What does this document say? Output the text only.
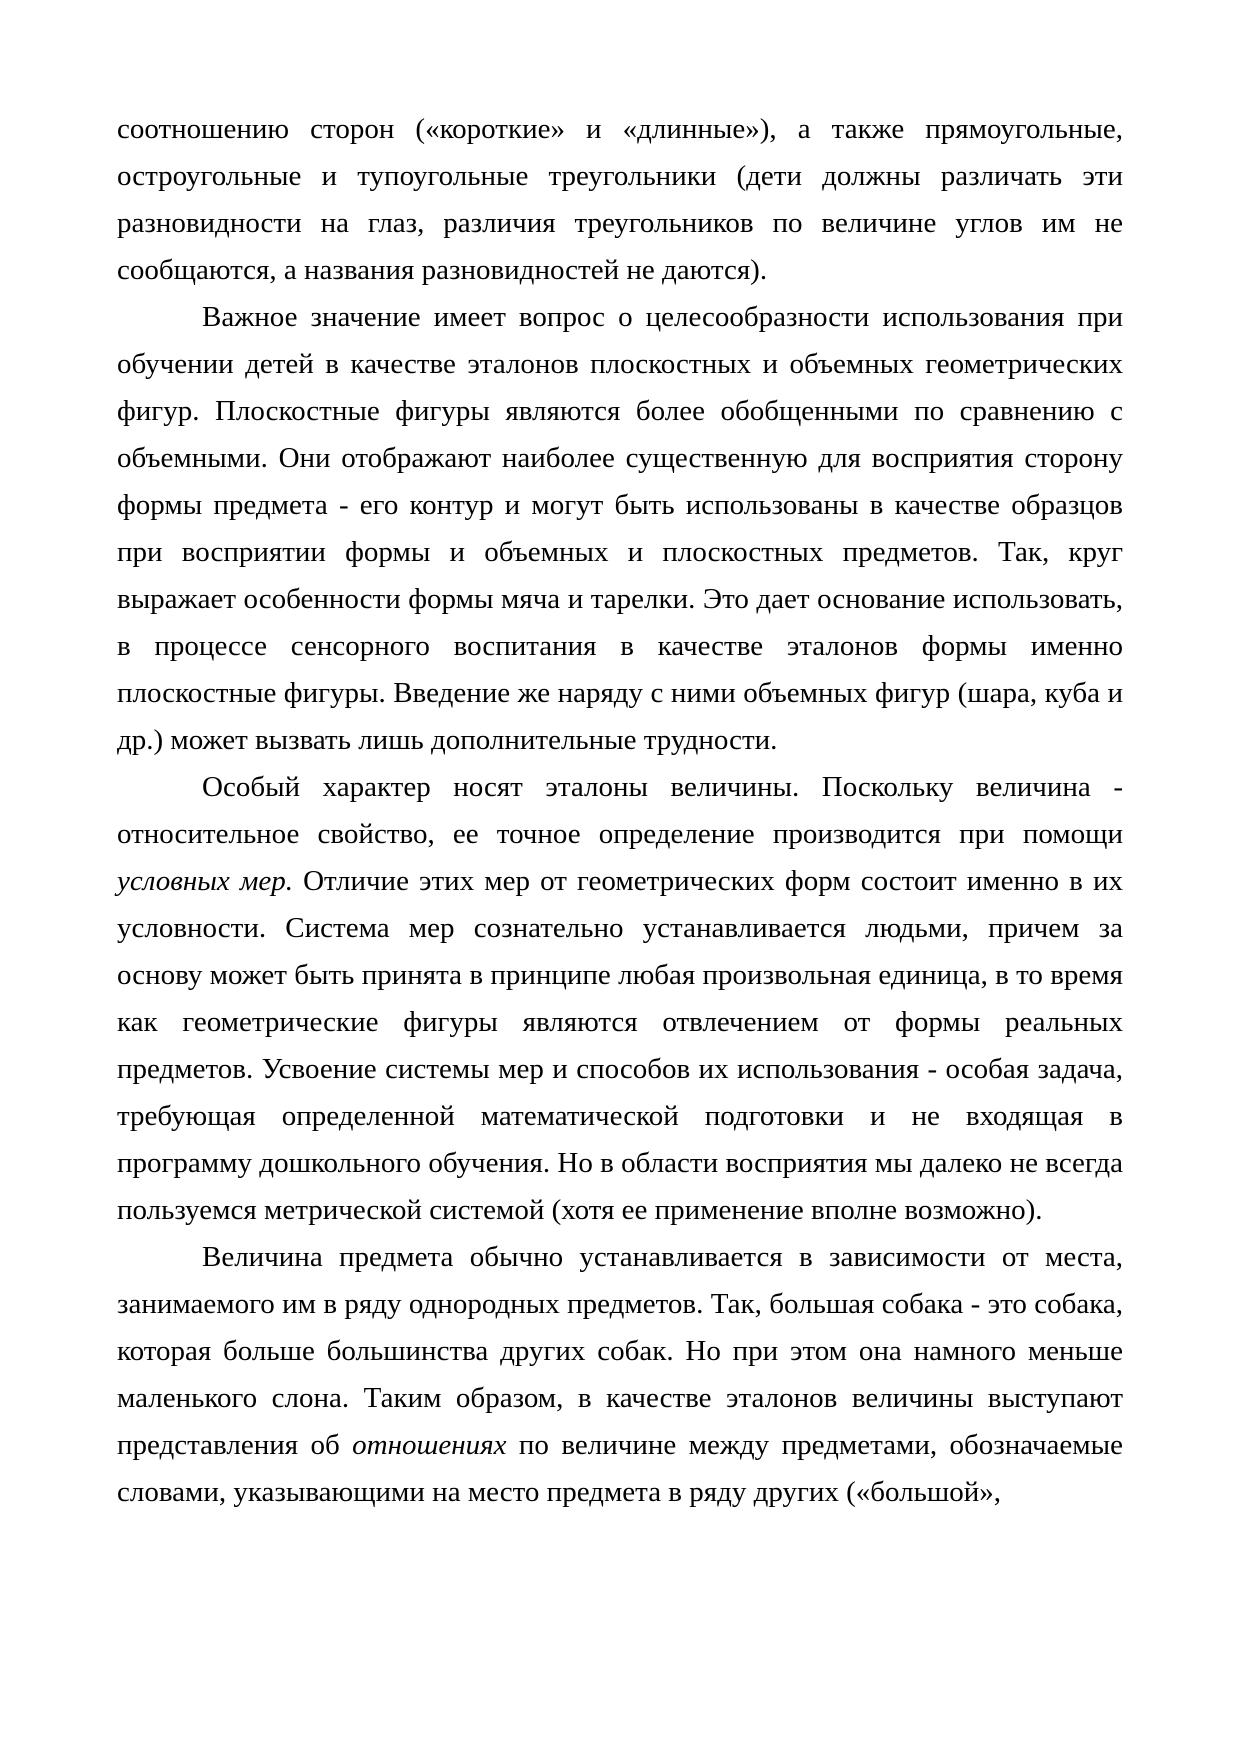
соотношению сторон («короткие» и «длинные»), а также прямоугольные, остроугольные и тупоугольные треугольники (дети должны различать эти разновидности на глаз, различия треугольников по величине углов им не сообщаются, а названия разновидностей не даются).

Важное значение имеет вопрос о целесообразности использования при обучении детей в качестве эталонов плоскостных и объемных геометрических фигур. Плоскостные фигуры являются более обобщенными по сравнению с объемными. Они отображают наиболее существенную для восприятия сторону формы предмета - его контур и могут быть использованы в качестве образцов при восприятии формы и объемных и плоскостных предметов. Так, круг выражает особенности формы мяча и тарелки. Это дает основание использовать, в процессе сенсорного воспитания в качестве эталонов формы именно плоскостные фигуры. Введение же наряду с ними объемных фигур (шара, куба и др.) может вызвать лишь дополнительные трудности.

Особый характер носят эталоны величины. Поскольку величина - относительное свойство, ее точное определение производится при помощи условных мер. Отличие этих мер от геометрических форм состоит именно в их условности. Система мер сознательно устанавливается людьми, причем за основу может быть принята в принципе любая произвольная единица, в то время как геометрические фигуры являются отвлечением от формы реальных предметов. Усвоение системы мер и способов их использования - особая задача, требующая определенной математической подготовки и не входящая в программу дошкольного обучения. Но в области восприятия мы далеко не всегда пользуемся метрической системой (хотя ее применение вполне возможно).

Величина предмета обычно устанавливается в зависимости от места, занимаемого им в ряду однородных предметов. Так, большая собака - это собака, которая больше большинства других собак. Но при этом она намного меньше маленького слона. Таким образом, в качестве эталонов величины выступают представления об отношениях по величине между предметами, обозначаемые словами, указывающими на место предмета в ряду других («большой»,
